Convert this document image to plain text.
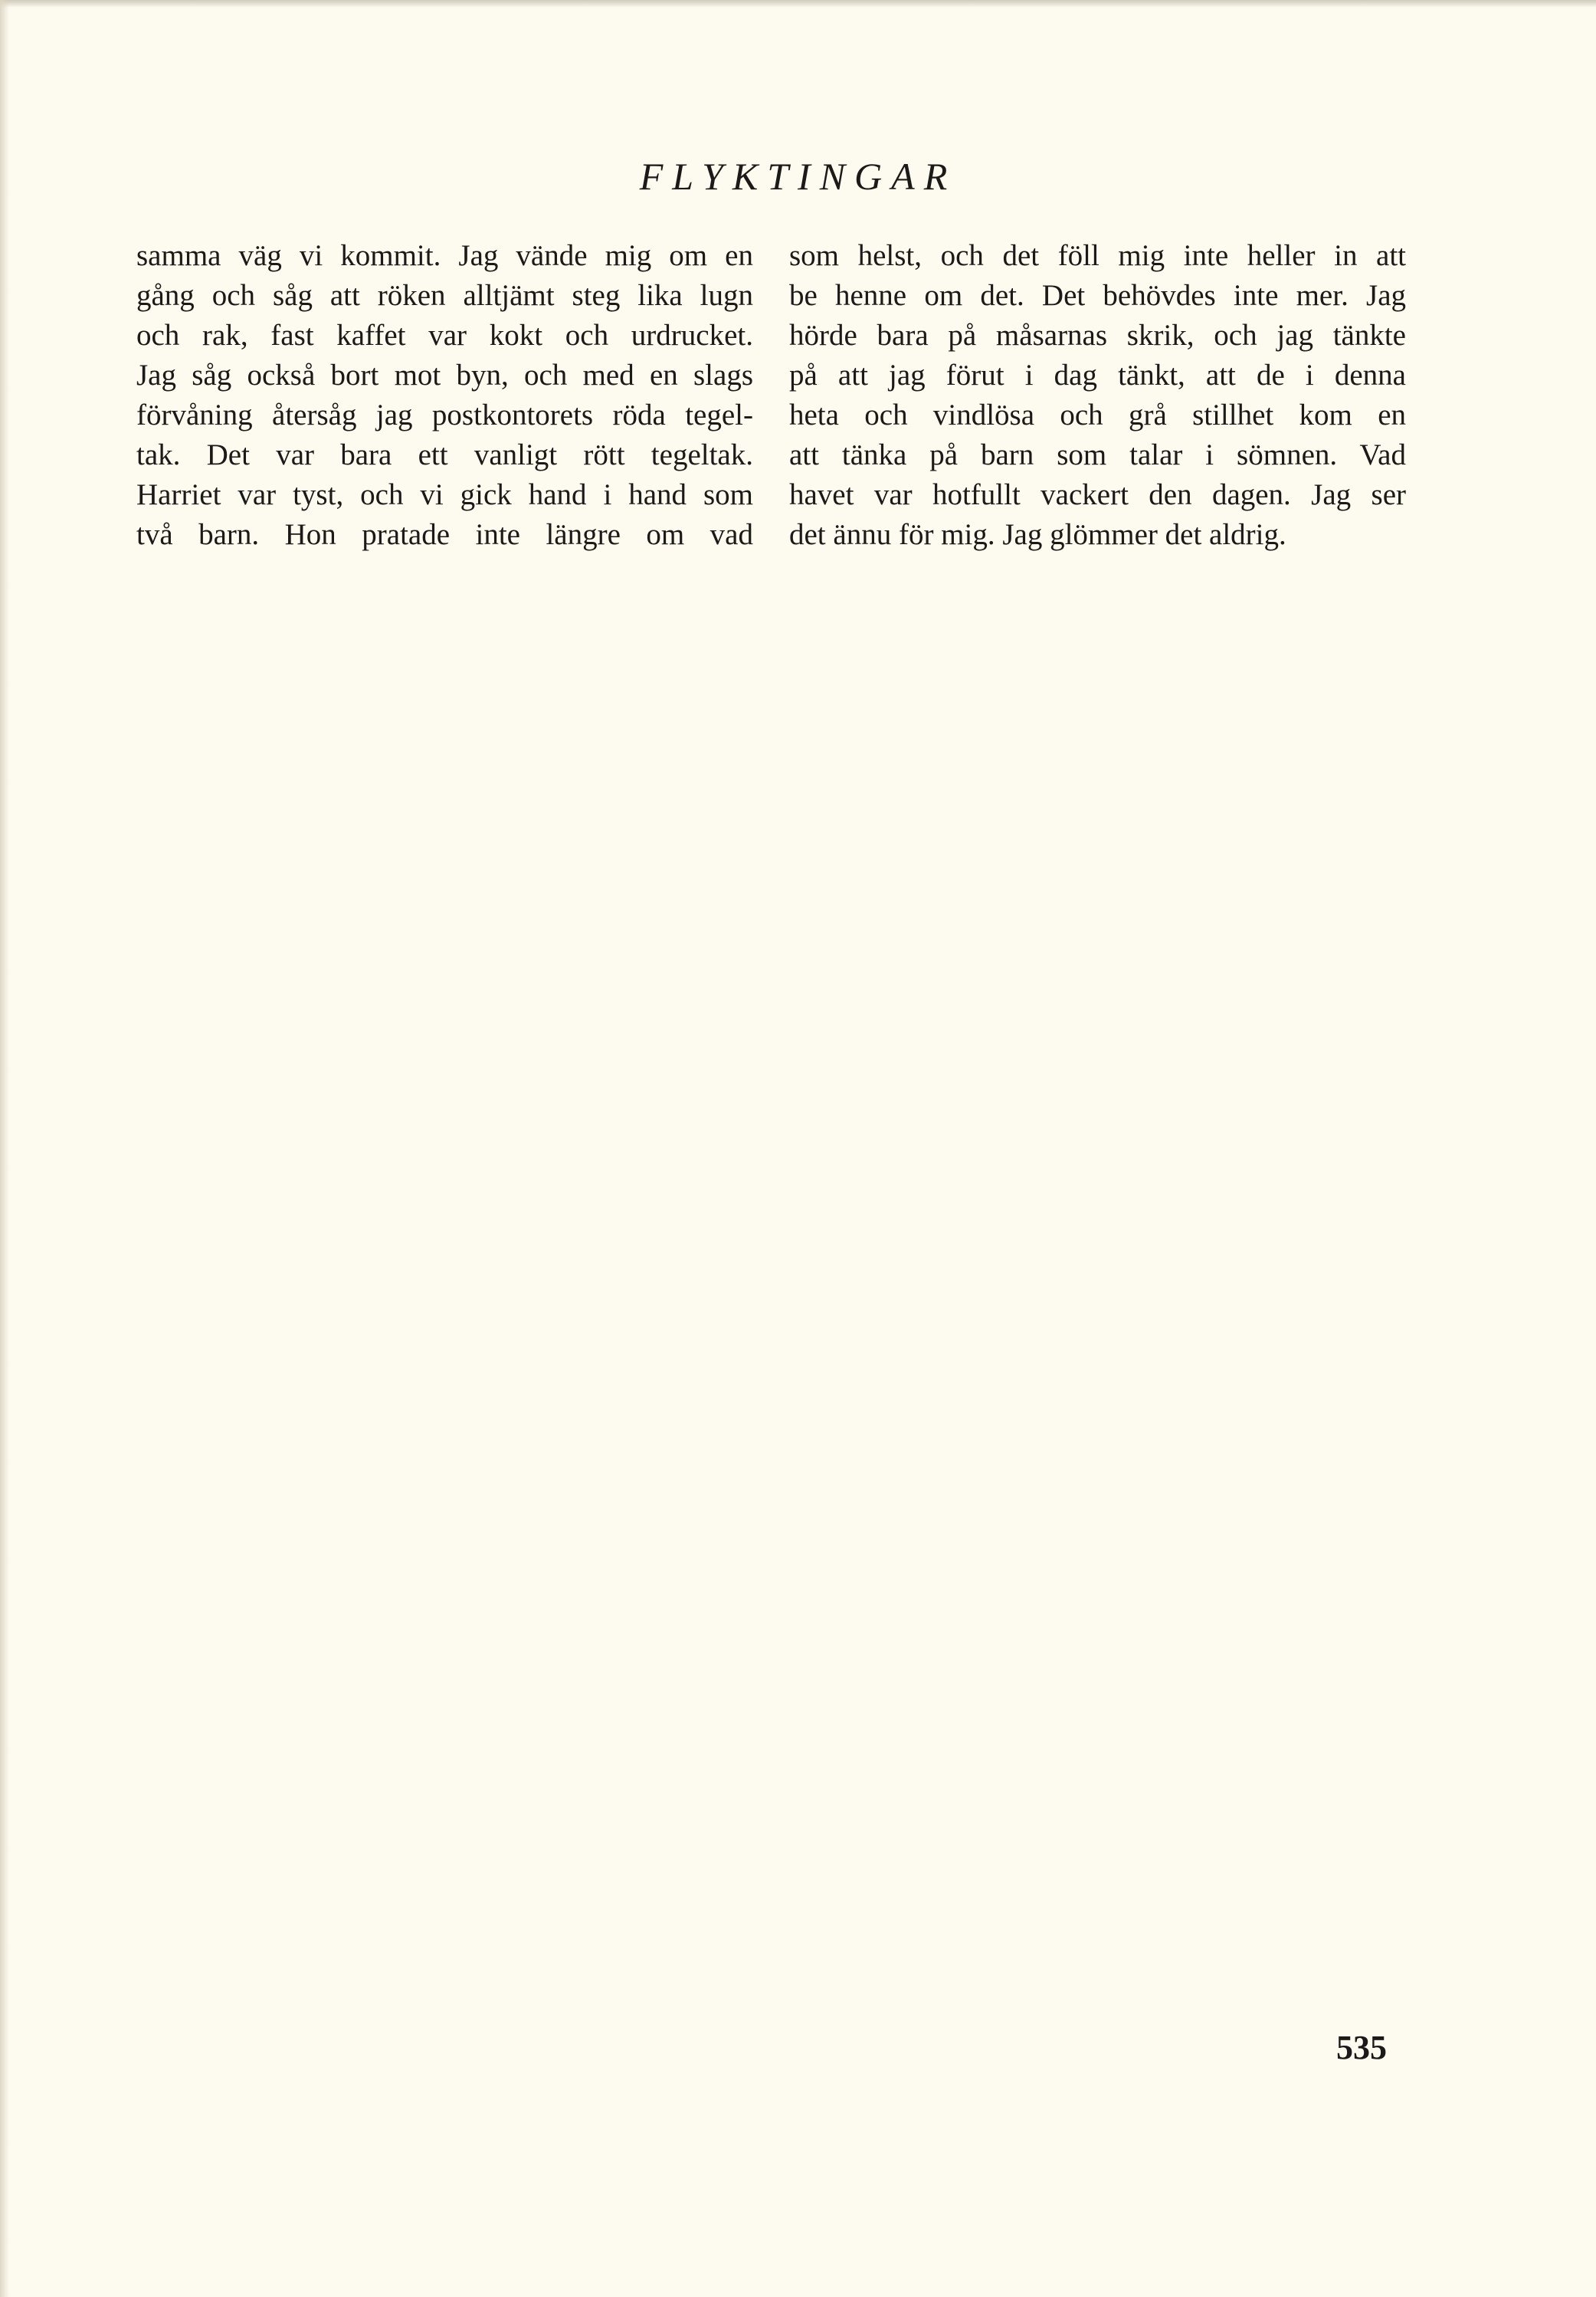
FLYKTINGAR
samma väg vi kommit. Jag vände mig om en
gång och såg att röken alltjämt steg lika lugn
och rak, fast kaffet var kokt och urdrucket.
Jag såg också bort mot byn, och med en slags
förvåning återsåg jag postkontorets röda tegel-
tak. Det var bara ett vanligt rött tegeltak.
Harriet var tyst, och vi gick hand i hand som
två barn. Hon pratade inte längre om vad
som helst, och det föll mig inte heller in att
be henne om det. Det behövdes inte mer. Jag
hörde bara på måsarnas skrik, och jag tänkte
på att jag förut i dag tänkt, att de i denna
heta och vindlösa och grå stillhet kom en
att tänka på barn som talar i sömnen. Vad
havet var hotfullt vackert den dagen. Jag ser
det ännu för mig. Jag glömmer det aldrig.
535
